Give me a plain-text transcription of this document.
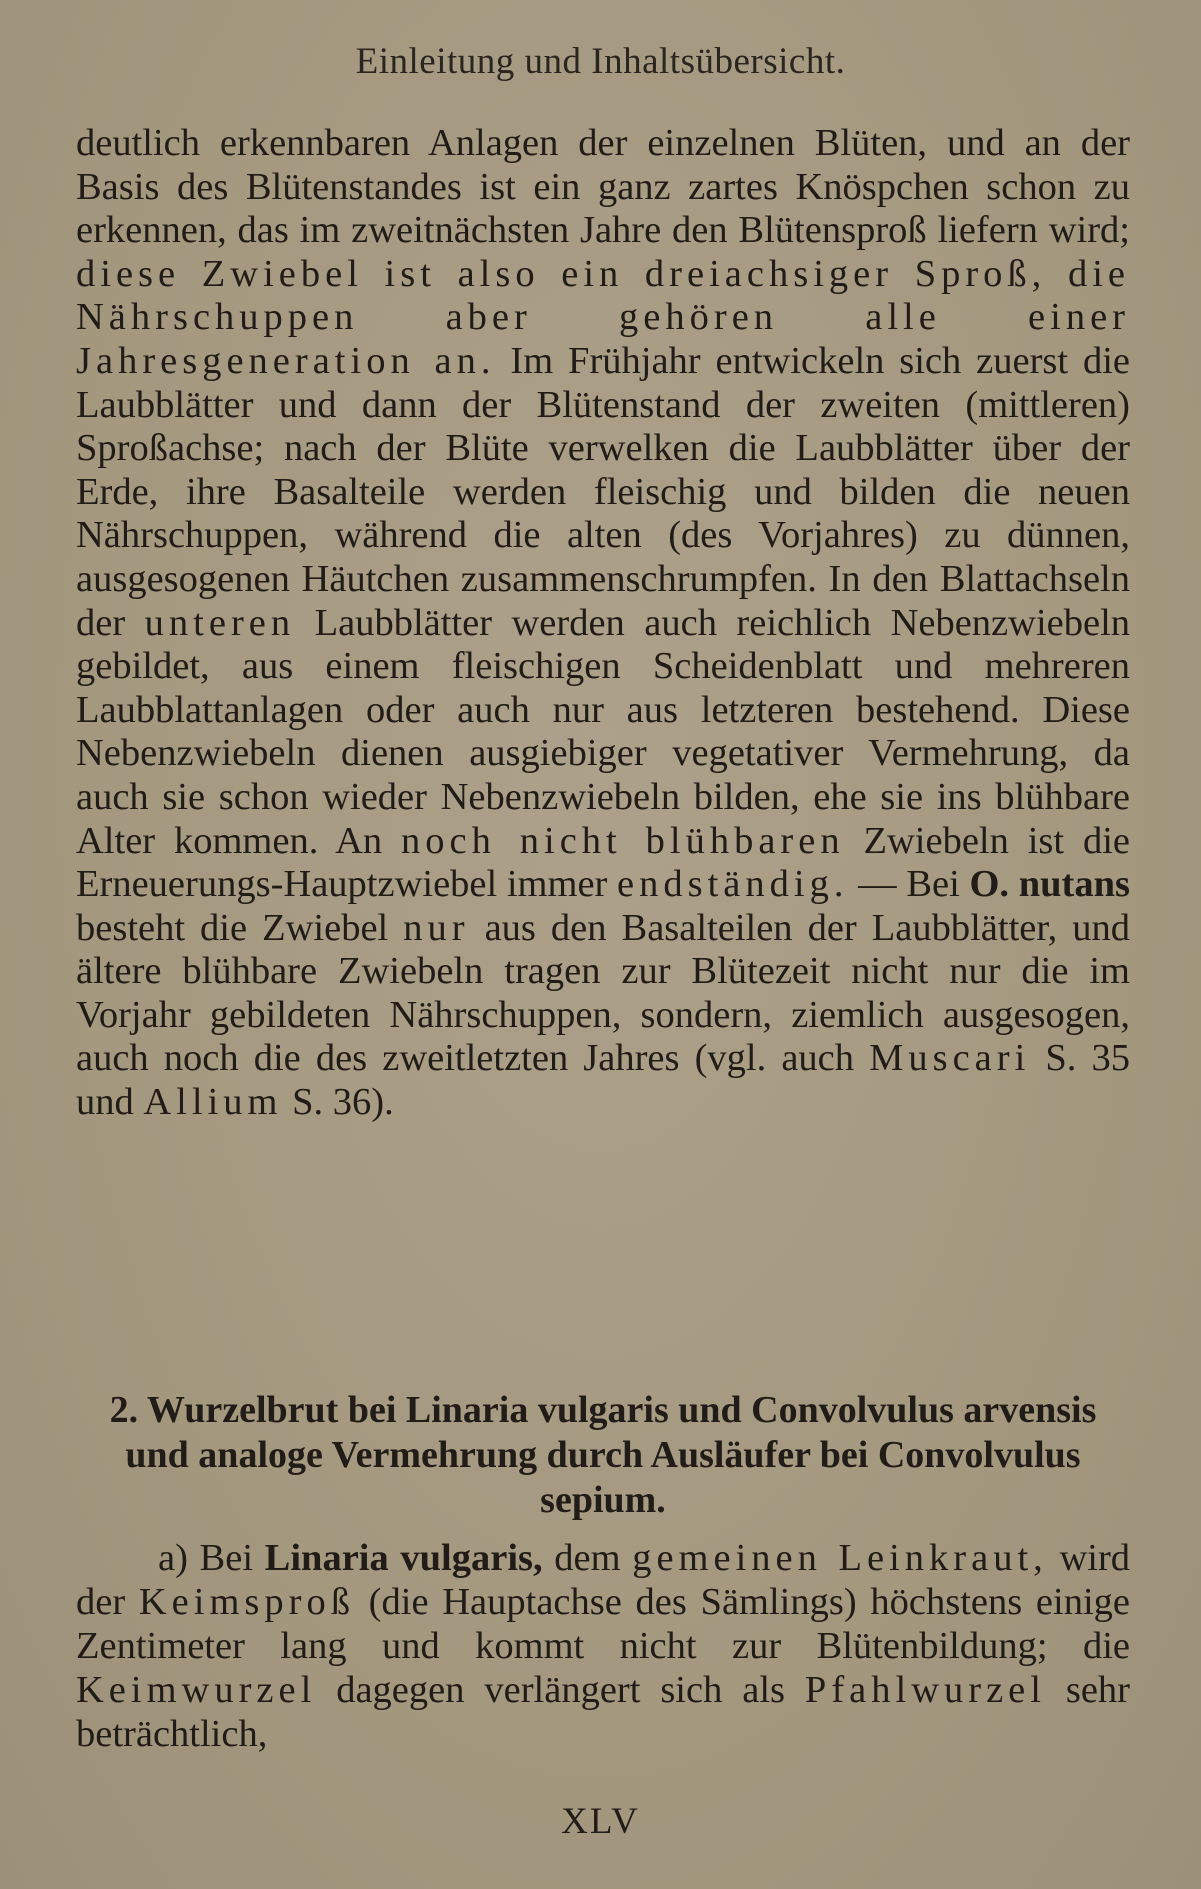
Einleitung und Inhaltsübersicht.

deutlich erkennbaren Anlagen der einzelnen Blüten, und an der Basis des Blütenstandes ist ein ganz zartes Knöspchen schon zu erkennen, das im zweitnächsten Jahre den Blütensproß liefern wird; diese Zwiebel ist also ein dreiachsiger Sproß, die Nährschuppen aber gehören alle einer Jahresgeneration an. Im Frühjahr entwickeln sich zuerst die Laubblätter und dann der Blütenstand der zweiten (mittleren) Sproßachse; nach der Blüte verwelken die Laubblätter über der Erde, ihre Basalteile werden fleischig und bilden die neuen Nährschuppen, während die alten (des Vorjahres) zu dünnen, ausgesogenen Häutchen zusammenschrumpfen. In den Blattachseln der unteren Laubblätter werden auch reichlich Nebenzwiebeln gebildet, aus einem fleischigen Scheidenblatt und mehreren Laubblattanlagen oder auch nur aus letzteren bestehend. Diese Nebenzwiebeln dienen ausgiebiger vegetativer Vermehrung, da auch sie schon wieder Nebenzwiebeln bilden, ehe sie ins blühbare Alter kommen. An noch nicht blühbaren Zwiebeln ist die Erneuerungs-Hauptzwiebel immer endständig. — Bei O. nutans besteht die Zwiebel nur aus den Basalteilen der Laubblätter, und ältere blühbare Zwiebeln tragen zur Blütezeit nicht nur die im Vorjahr gebildeten Nährschuppen, sondern, ziemlich ausgesogen, auch noch die des zweitletzten Jahres (vgl. auch Muscari S. 35 und Allium S. 36).

2. Wurzelbrut bei Linaria vulgaris und Convolvulus arvensis und analoge Vermehrung durch Ausläufer bei Convolvulus sepium.

a) Bei Linaria vulgaris, dem gemeinen Leinkraut, wird der Keimsproß (die Hauptachse des Sämlings) höchstens einige Zentimeter lang und kommt nicht zur Blütenbildung; die Keimwurzel dagegen verlängert sich als Pfahlwurzel sehr beträchtlich,

XLV
